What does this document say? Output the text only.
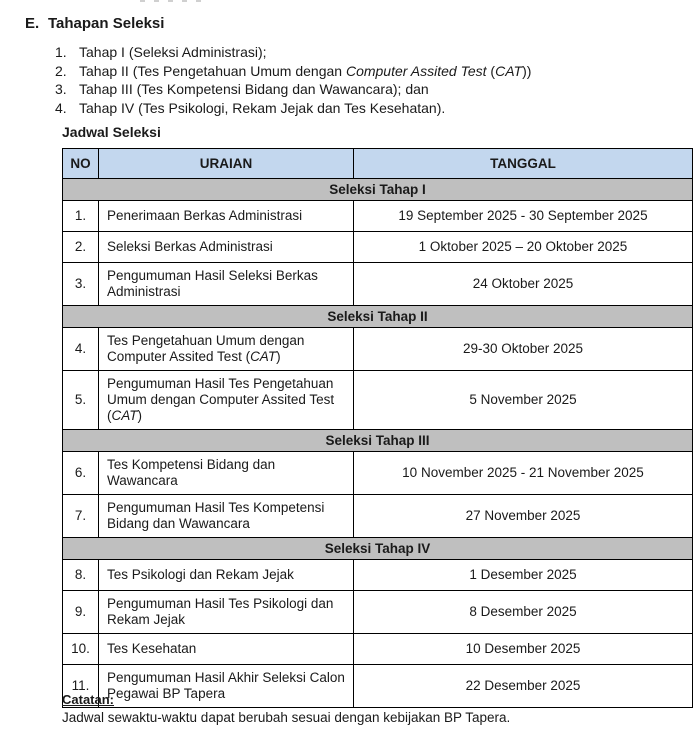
E. Tahapan Seleksi
1. Tahap I (Seleksi Administrasi);
2. Tahap II (Tes Pengetahuan Umum dengan Computer Assited Test (CAT))
3. Tahap III (Tes Kompetensi Bidang dan Wawancara); dan
4. Tahap IV (Tes Psikologi, Rekam Jejak dan Tes Kesehatan).
Jadwal Seleksi
NO	URAIAN	TANGGAL
Seleksi Tahap I		
1.	Penerimaan Berkas Administrasi	19 September 2025 - 30 September 2025
2.	Seleksi Berkas Administrasi	1 Oktober 2025 – 20 Oktober 2025
3.	Pengumuman Hasil Seleksi Berkas Administrasi	24 Oktober 2025
Seleksi Tahap II		
4.	Tes Pengetahuan Umum dengan Computer Assited Test (CAT)	29-30 Oktober 2025
5.	Pengumuman Hasil Tes Pengetahuan Umum dengan Computer Assited Test (CAT)	5 November 2025
Seleksi Tahap III		
6.	Tes Kompetensi Bidang dan Wawancara	10 November 2025 - 21 November 2025
7.	Pengumuman Hasil Tes Kompetensi Bidang dan Wawancara	27 November 2025
Seleksi Tahap IV		
8.	Tes Psikologi dan Rekam Jejak	1 Desember 2025
9.	Pengumuman Hasil Tes Psikologi dan Rekam Jejak	8 Desember 2025
10.	Tes Kesehatan	10 Desember 2025
11.	Pengumuman Hasil Akhir Seleksi Calon Pegawai BP Tapera	22 Desember 2025
Catatan:
Jadwal sewaktu-waktu dapat berubah sesuai dengan kebijakan BP Tapera.
